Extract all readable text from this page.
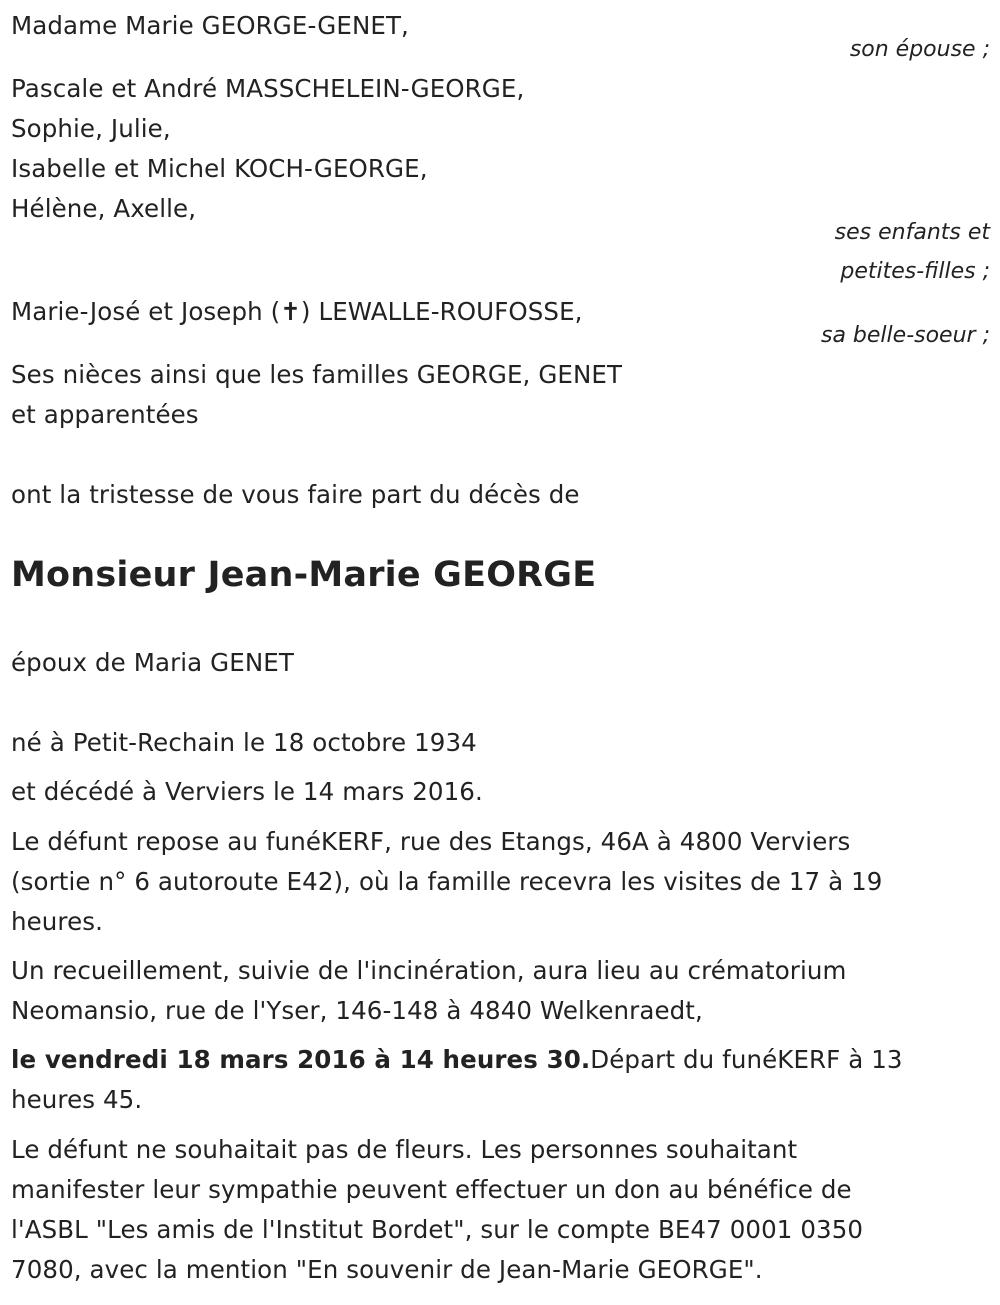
Madame Marie GEORGE-GENET,
son épouse ;
Pascale et André MASSCHELEIN-GEORGE,
Sophie, Julie,
Isabelle et Michel KOCH-GEORGE,
Hélène, Axelle,
ses enfants et
petites-filles ;
Marie-José et Joseph (✝) LEWALLE-ROUFOSSE,
sa belle-soeur ;
Ses nièces ainsi que les familles GEORGE, GENET
et apparentées
ont la tristesse de vous faire part du décès de
Monsieur Jean-Marie GEORGE
époux de Maria GENET
né à Petit-Rechain le 18 octobre 1934
et décédé à Verviers le 14 mars 2016.
Le défunt repose au funéKERF, rue des Etangs, 46A à 4800 Verviers
(sortie n° 6 autoroute E42), où la famille recevra les visites de 17 à 19
heures.
Un recueillement, suivie de l'incinération, aura lieu au crématorium
Neomansio, rue de l'Yser, 146-148 à 4840 Welkenraedt,
le vendredi 18 mars 2016 à 14 heures 30.Départ du funéKERF à 13
heures 45.
Le défunt ne souhaitait pas de fleurs. Les personnes souhaitant
manifester leur sympathie peuvent effectuer un don au bénéfice de
l'ASBL "Les amis de l'Institut Bordet", sur le compte BE47 0001 0350
7080, avec la mention "En souvenir de Jean-Marie GEORGE".
